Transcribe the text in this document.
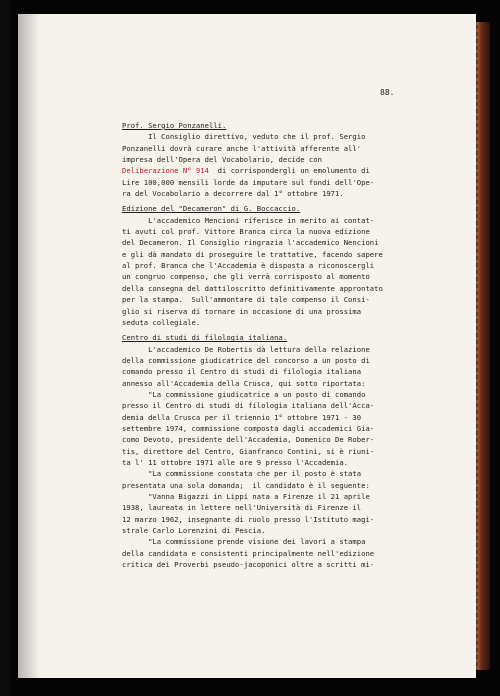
88.
Prof. Sergio Ponzanelli.
Il Consiglio direttivo, veduto che il prof. Sergio
Ponzanelli dovrà curare anche l'attività afferente all'
impresa dell'Opera del Vocabolario, decide con
Deliberazione N° 914  di corrispondergli un emolumento di
Lire 100,000 mensili lorde da imputare sul fondi dell'Ope-
ra del Vocabolario a decorrere dal 1° ottobre 1971.
Edizione del "Decameron" di G. Boccaccio.
L'accademico Mencioni riferisce in merito ai contat-
ti avuti col prof. Vittore Branca circa la nuova edizione
del Decameron. Il Consiglio ringrazia l'accademico Nencioni
e gli dà mandato di proseguire le trattative, facendo sapere
al prof. Branca che l'Accademia è disposta a riconoscergli
un congruo compenso, che gli verrà corrisposto al momento
della consegna del dattiloscritto definitivamente approntato
per la stampa.  Sull'ammontare di tale compenso il Consi-
glio si riserva di tornare in occasione di una prossima
seduta collegiale.
Centro di studi di filologia italiana.
L'accademico De Robertis dà lettura della relazione
della commissione giudicatrice del concorso a un posto di
comando presso il Centro di studi di filologia italiana
annesso all'Accademia della Crusca, qui sotto riportata:
"La commissione giudicatrice a un posto di comando
presso il Centro di studi di filologia italiana dell'Acca-
demia della Crusca per il triennio 1° ottobre 1971 - 30
settembre 1974, commissione composta dagli accademici Gia-
como Devoto, presidente dell'Accademia, Domenico De Rober-
tis, direttore del Centro, Gianfranco Contini, si è riuni-
ta l' 11 ottobre 1971 alle ore 9 presso l'Accademia.
"La commissione constata che per il posto è stata
presentata una sola domanda;  il candidato è il seguente:
"Vanna Bigazzi in Lippi nata a Firenze il 21 aprile
1938, laureata in lettere nell'Università di Firenze il
12 marzo 1962, insegnante di ruolo presso l'Istituto magi-
strale Carlo Lorenzini di Pescia.
"La commissione prende visione dei lavori a stampa
della candidata e consistenti principalmente nell'edizione
critica dei Proverbi pseudo-jacoponici oltre a scritti mi-
